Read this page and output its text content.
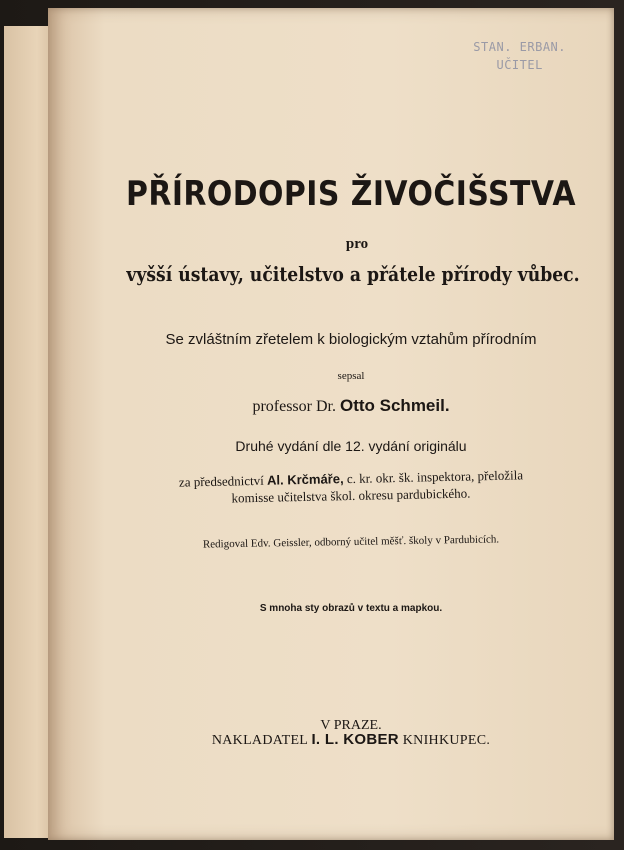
STAN. ERBAN.
UČITEL
PŘÍRODOPIS ŽIVOČIŠSTVA
pro
vyšší ústavy, učitelstvo a přátele přírody vůbec.
Se zvláštním zřetelem k biologickým vztahům přírodním
sepsal
professor Dr. Otto Schmeil.
Druhé vydání dle 12. vydání originálu
za předsednictví Al. Krčmáře, c. kr. okr. šk. inspektora, přeložila
komisse učitelstva škol. okresu pardubického.
Redigoval Edv. Geissler, odborný učitel měšť. školy v Pardubicích.
S mnoha sty obrazů v textu a mapkou.
V PRAZE.
NAKLADATEL I. L. KOBER KNIHKUPEC.
